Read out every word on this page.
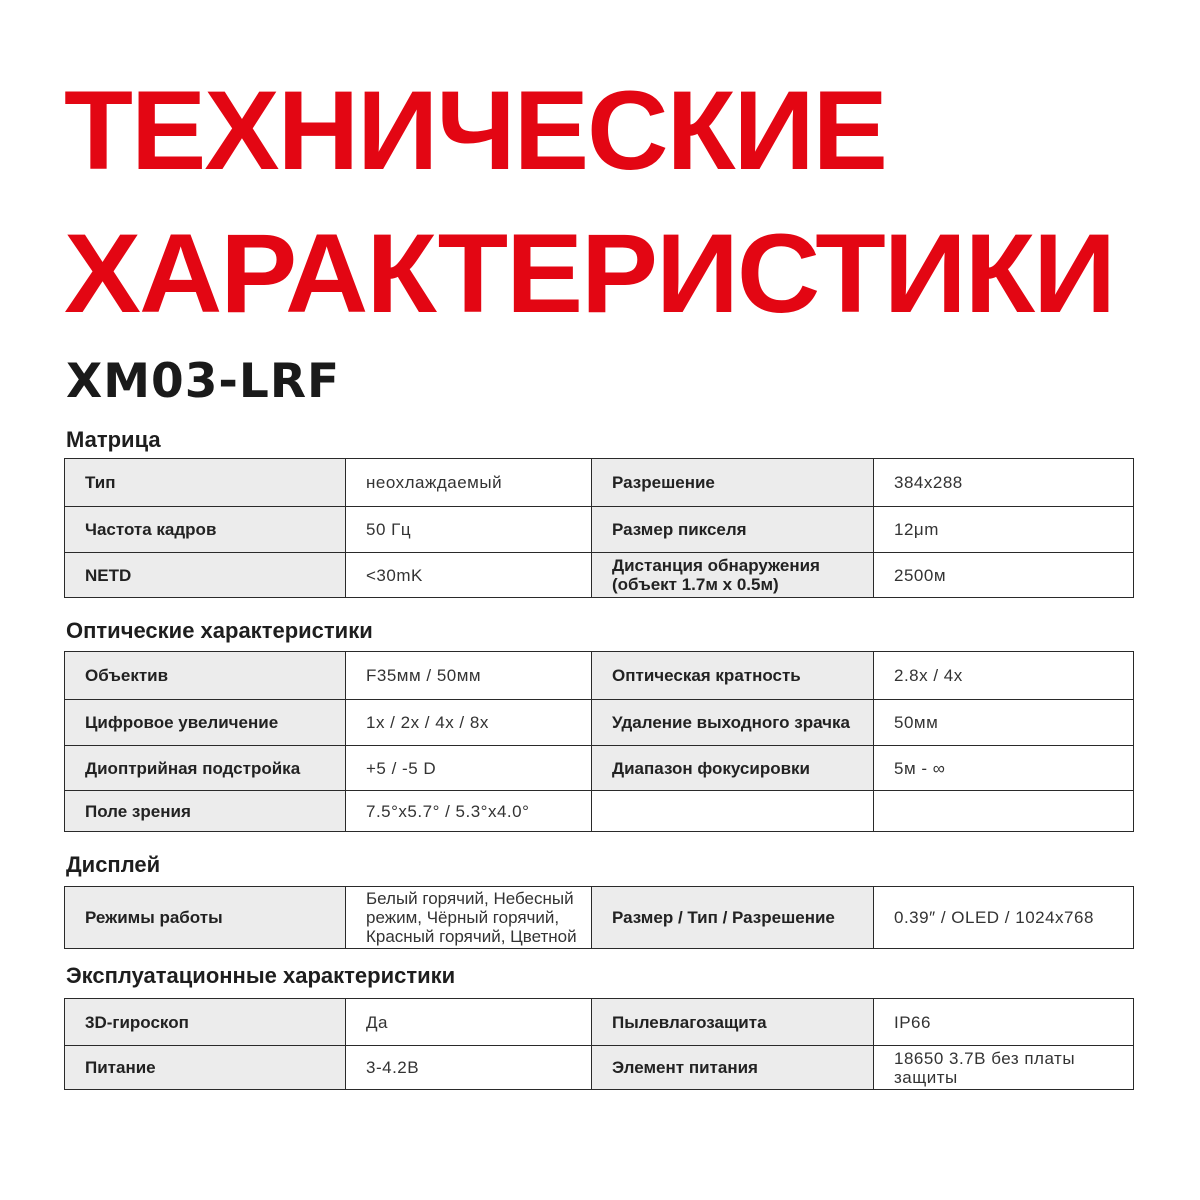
ТЕХНИЧЕСКИЕ
ХАРАКТЕРИСТИКИ
XM03-LRF
Матрица
Тип	неохлаждаемый	Разрешение	384x288
Частота кадров	50 Гц	Размер пикселя	12μm
NETD	<30mK	Дистанция обнаружения (объект 1.7м x 0.5м)	2500м
Оптические характеристики
Объектив	F35мм / 50мм	Оптическая кратность	2.8x / 4x
Цифровое увеличение	1x / 2x / 4x / 8x	Удаление выходного зрачка	50мм
Диоптрийная подстройка	+5 / -5 D	Диапазон фокусировки	5м - ∞
Поле зрения	7.5°x5.7° / 5.3°x4.0°		
Дисплей
Режимы работы	Белый горячий, Небесный режим, Чёрный горячий, Красный горячий, Цветной	Размер / Тип / Разрешение	0.39″ / OLED / 1024x768
Эксплуатационные характеристики
3D-гироскоп	Да	Пылевлагозащита	IP66
Питание	3-4.2В	Элемент питания	18650 3.7В без платы защиты
